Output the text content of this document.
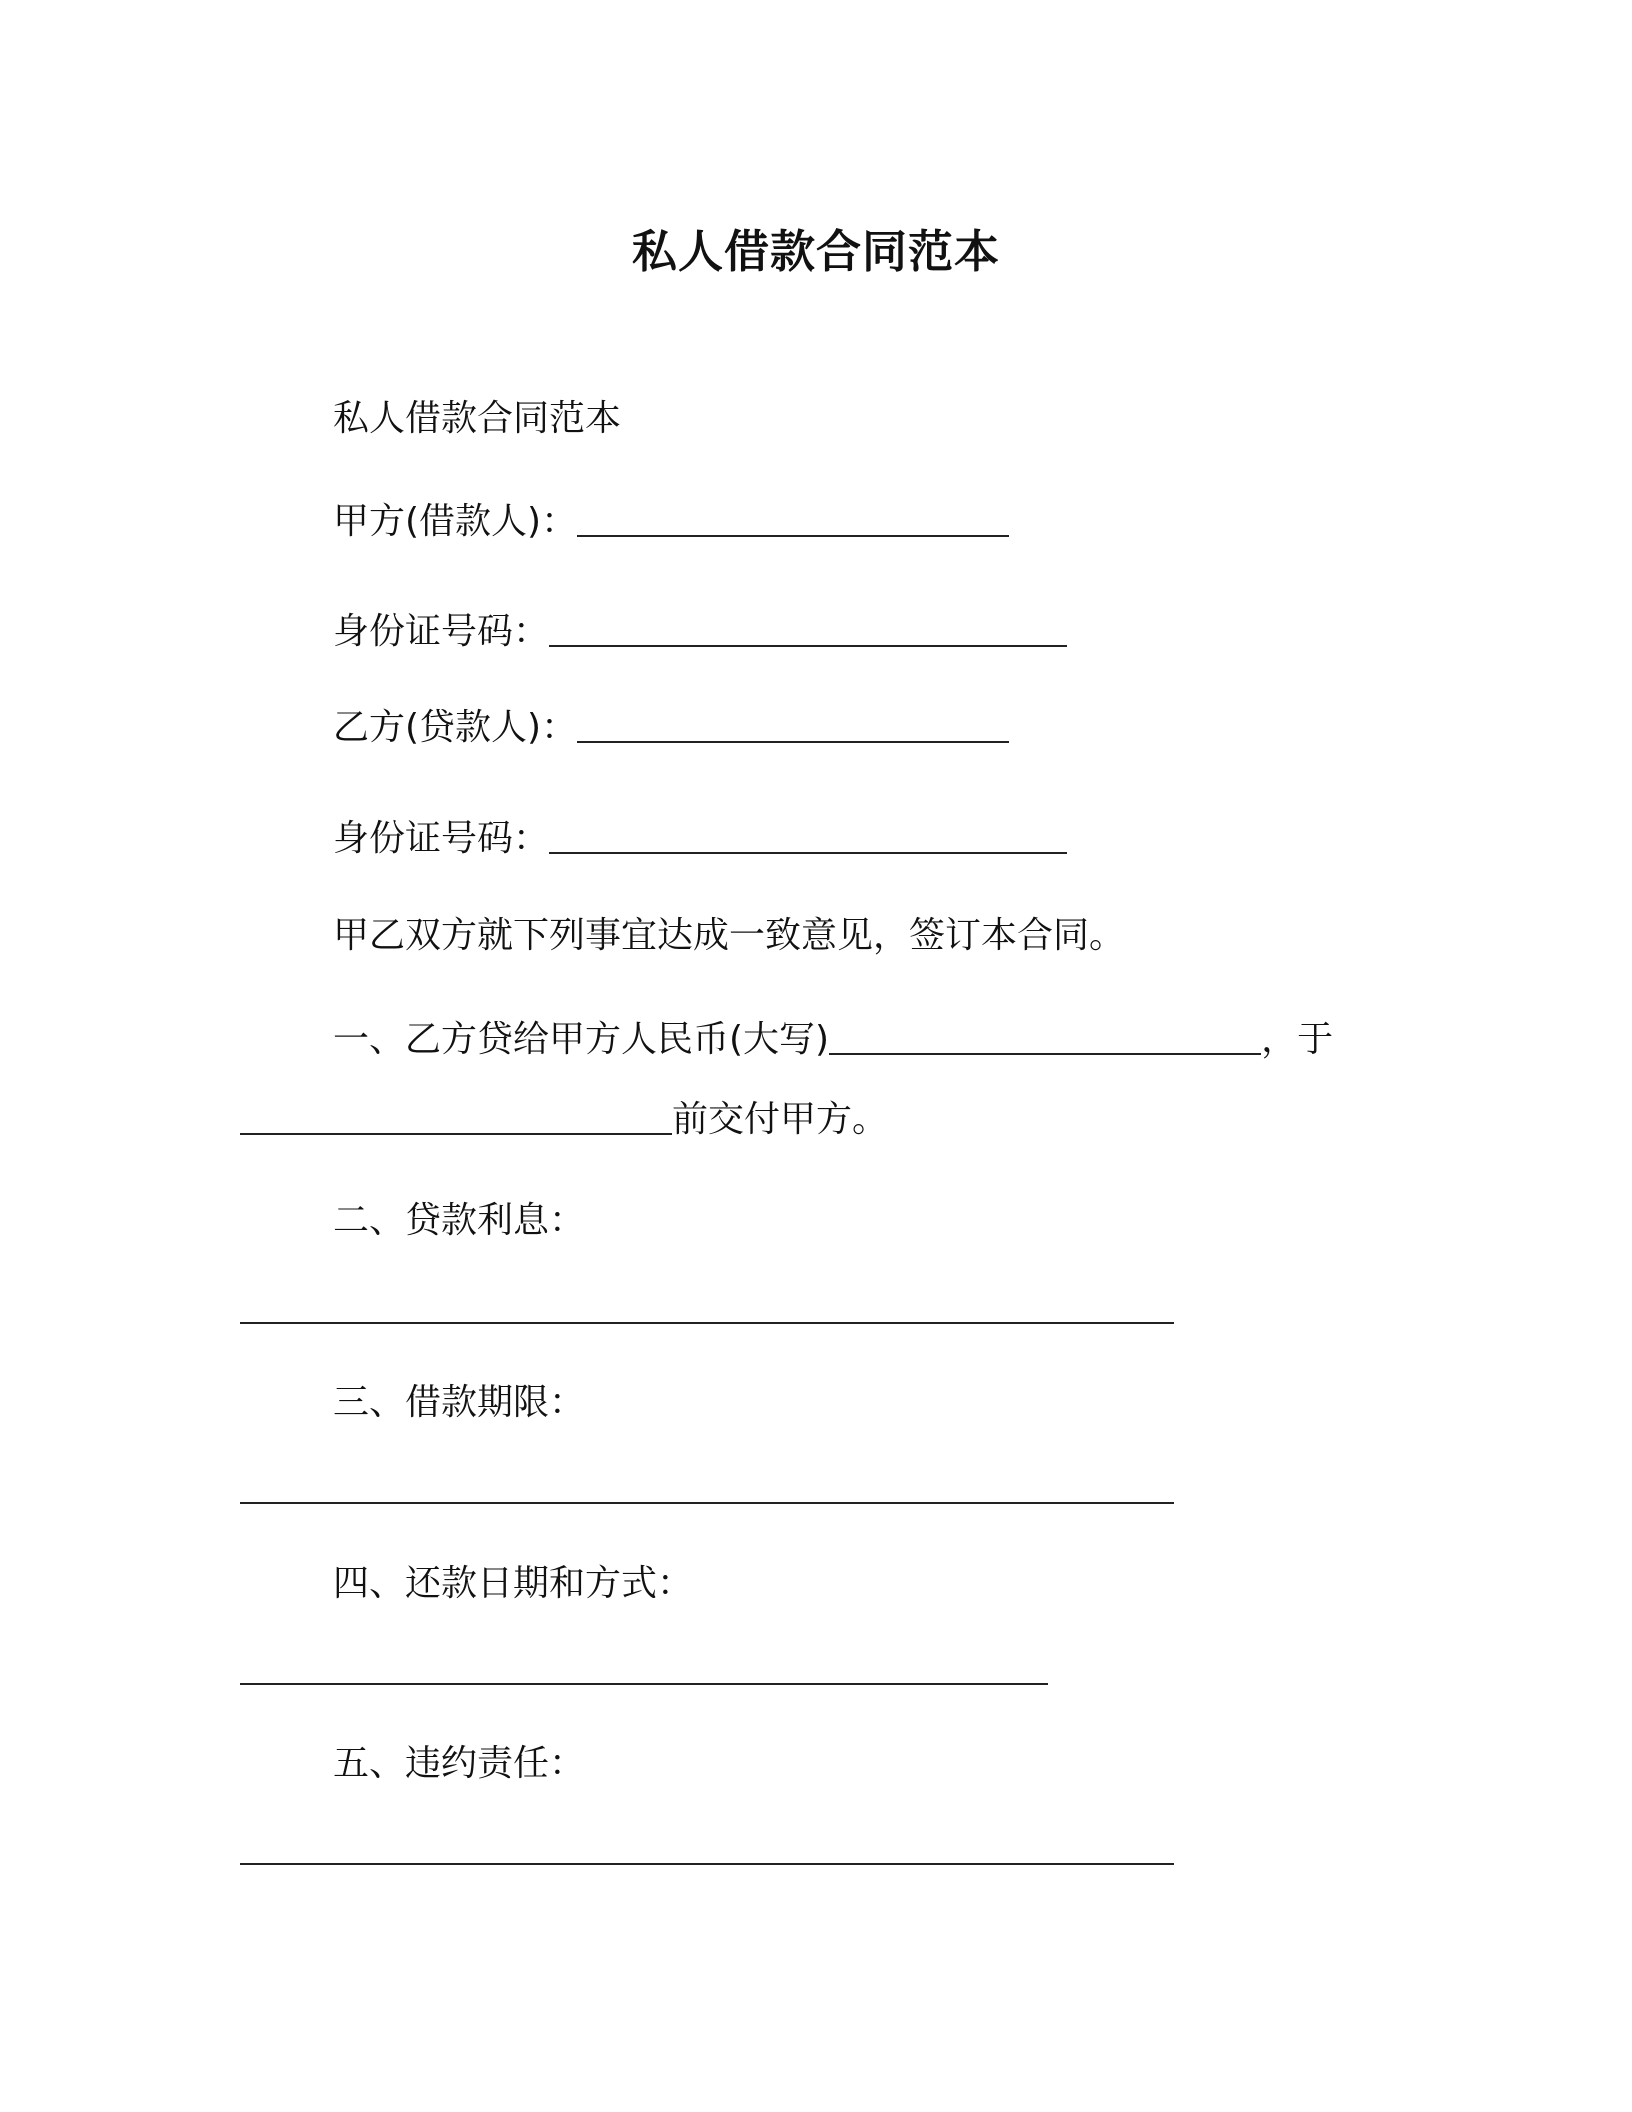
私人借款合同范本
私人借款合同范本
甲方(借款人)：
身份证号码：
乙方(贷款人)：
身份证号码：
甲乙双方就下列事宜达成一致意见，签订本合同。
一、乙方贷给甲方人民币(大写)	，于
前交付甲方。
二、贷款利息：
三、借款期限：
四、还款日期和方式：
五、违约责任：
